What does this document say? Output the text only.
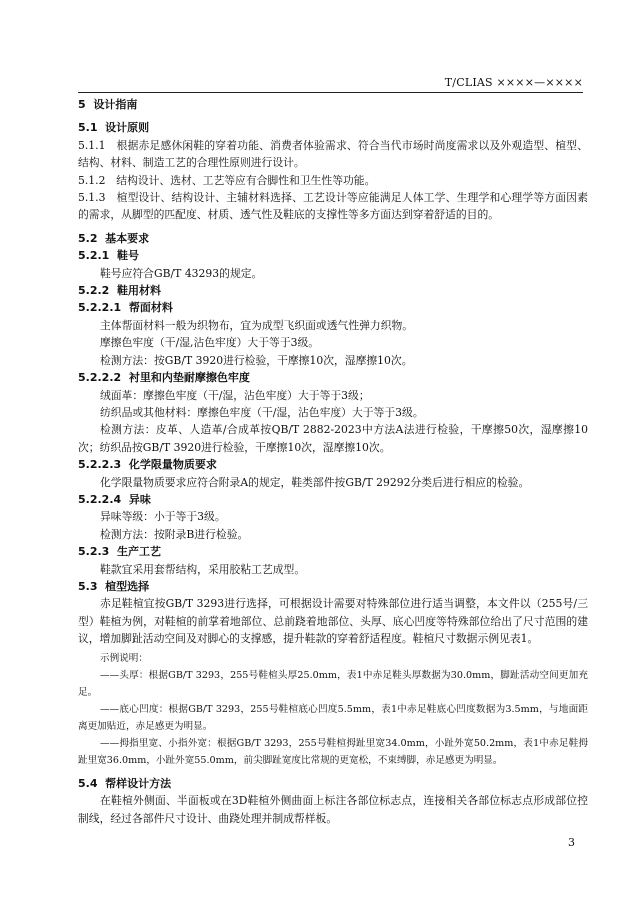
T/CLIAS ××××—××××
5 设计指南
5.1 设计原则
5.1.1　根据赤足感休闲鞋的穿着功能、消费者体验需求、符合当代市场时尚度需求以及外观造型、楦型、结构、材料、制造工艺的合理性原则进行设计。
5.1.2　结构设计、选材、工艺等应有合脚性和卫生性等功能。
5.1.3　楦型设计、结构设计、主辅材料选择、工艺设计等应能满足人体工学、生理学和心理学等方面因素的需求，从脚型的匹配度、材质、透气性及鞋底的支撑性等多方面达到穿着舒适的目的。
5.2 基本要求
5.2.1 鞋号
鞋号应符合GB/T 43293的规定。
5.2.2 鞋用材料
5.2.2.1 帮面材料
主体帮面材料一般为织物布，宜为成型飞织面或透气性弹力织物。
摩擦色牢度（干/湿,沾色牢度）大于等于3级。
检测方法：按GB/T 3920进行检验，干摩擦10次，湿摩擦10次。
5.2.2.2 衬里和内垫耐摩擦色牢度
绒面革：摩擦色牢度（干/湿，沾色牢度）大于等于3级；
纺织品或其他材料：摩擦色牢度（干/湿，沾色牢度）大于等于3级。
检测方法：皮革、人造革/合成革按QB/T 2882-2023中方法A法进行检验，干摩擦50次，湿摩擦10次；纺织品按GB/T 3920进行检验，干摩擦10次，湿摩擦10次。
5.2.2.3 化学限量物质要求
化学限量物质要求应符合附录A的规定，鞋类部件按GB/T 29292分类后进行相应的检验。
5.2.2.4 异味
异味等级：小于等于3级。
检测方法：按附录B进行检验。
5.2.3 生产工艺
鞋款宜采用套帮结构，采用胶粘工艺成型。
5.3 楦型选择
赤足鞋楦宜按GB/T 3293进行选择，可根据设计需要对特殊部位进行适当调整，本文件以（255号/三型）鞋楦为例，对鞋楦的前掌着地部位、总前跷着地部位、头厚、底心凹度等特殊部位给出了尺寸范围的建议，增加脚趾活动空间及对脚心的支撑感，提升鞋款的穿着舒适程度。鞋楦尺寸数据示例见表1。
示例说明：
——头厚：根据GB/T 3293，255号鞋楦头厚25.0mm，表1中赤足鞋头厚数据为30.0mm，脚趾活动空间更加充足。
——底心凹度：根据GB/T 3293，255号鞋楦底心凹度5.5mm，表1中赤足鞋底心凹度数据为3.5mm，与地面距离更加贴近，赤足感更为明显。
——拇指里宽、小指外宽：根据GB/T 3293，255号鞋楦拇趾里宽34.0mm，小趾外宽50.2mm，表1中赤足鞋拇趾里宽36.0mm，小趾外宽55.0mm，前尖脚趾宽度比常规的更宽松，不束缚脚，赤足感更为明显。
5.4 帮样设计方法
在鞋楦外侧面、半面板或在3D鞋楦外侧曲面上标注各部位标志点，连接相关各部位标志点形成部位控制线，经过各部件尺寸设计、曲跷处理并制成帮样板。
3
